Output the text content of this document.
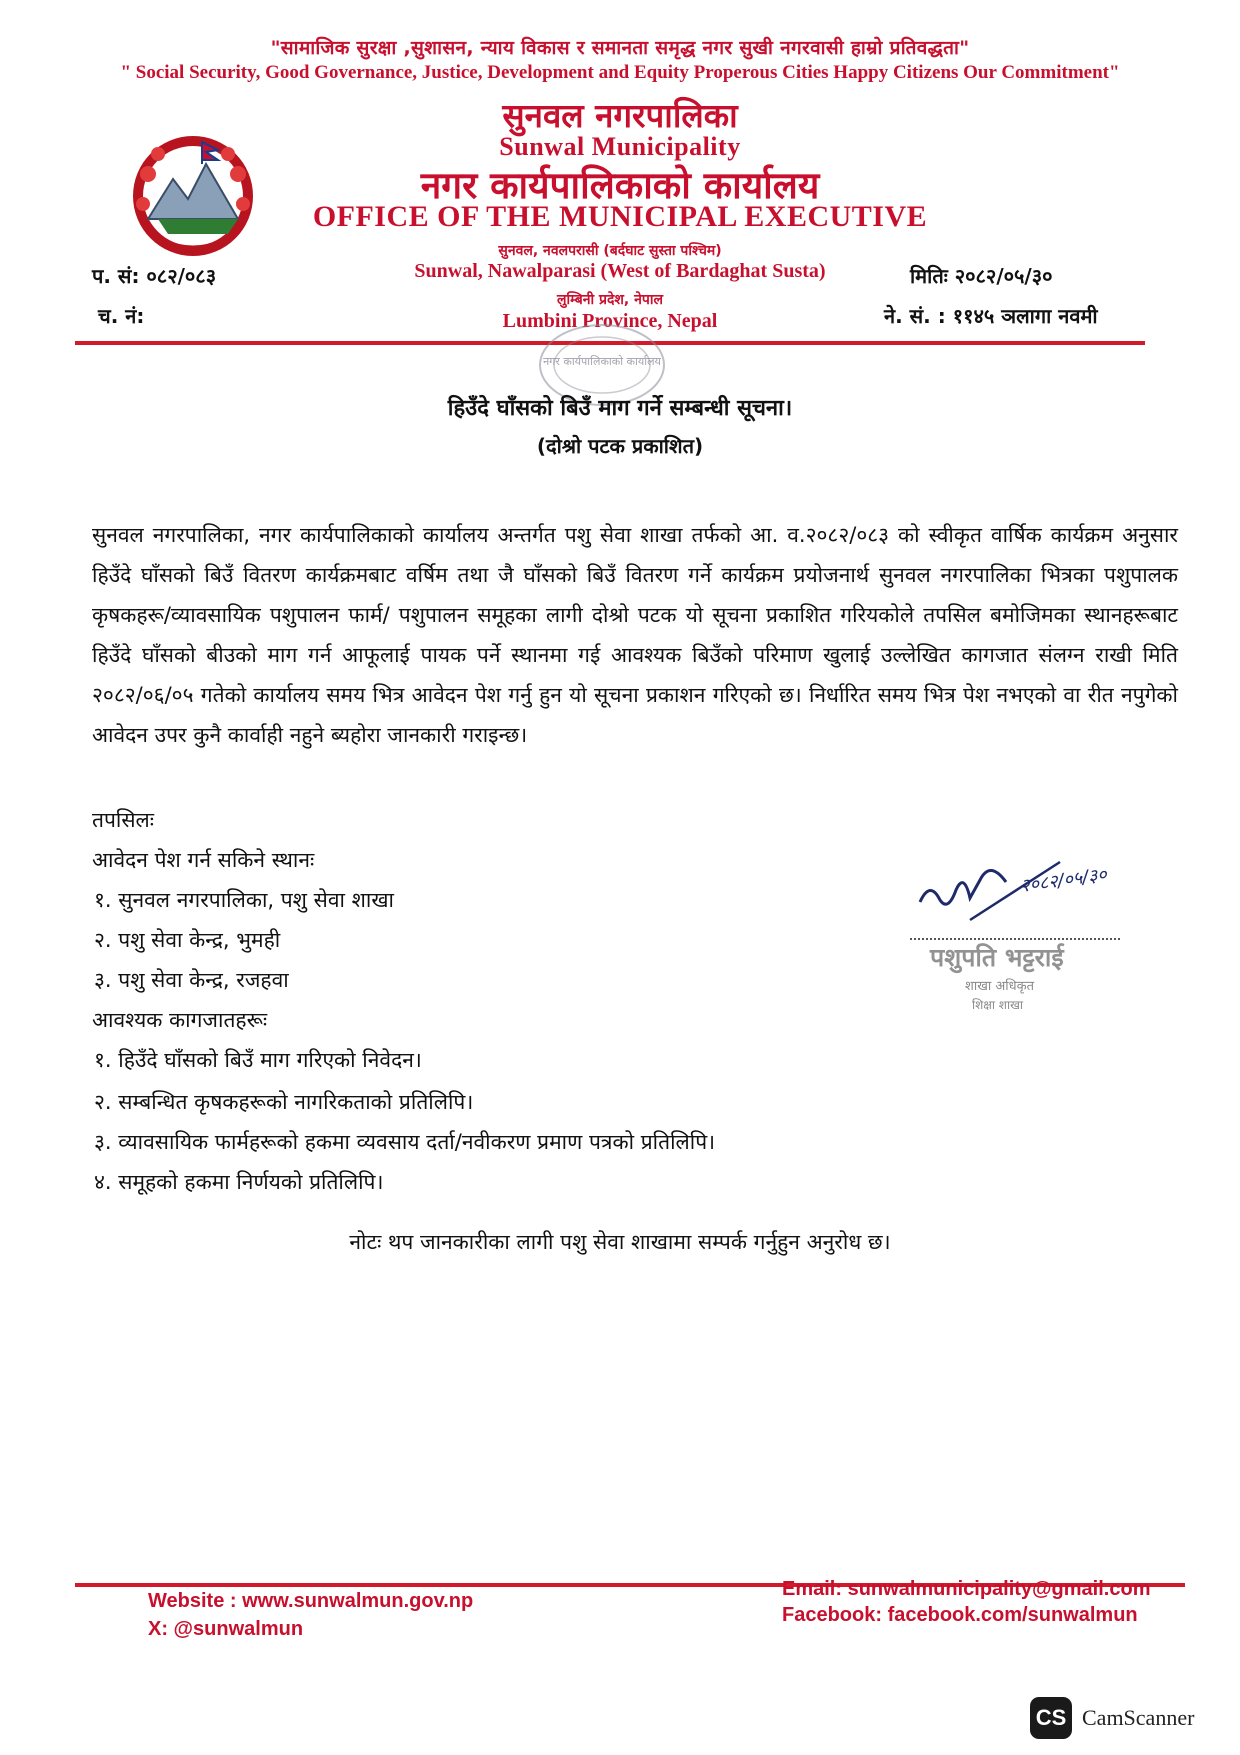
"सामाजिक सुरक्षा ,सुशासन, न्याय विकास र समानता समृद्ध नगर सुखी नगरवासी हाम्रो प्रतिवद्धता"
" Social Security, Good Governance, Justice, Development and Equity Properous Cities Happy Citizens Our Commitment"
सुनवल नगरपालिका
Sunwal Municipality
नगर कार्यपालिकाको कार्यालय
OFFICE OF THE MUNICIPAL EXECUTIVE
सुनवल, नवलपरासी (बर्दघाट सुस्ता पश्चिम)
Sunwal, Nawalparasi (West of Bardaghat Susta)
लुम्बिनी प्रदेश, नेपाल
Lumbini Province, Nepal
प. सं: ०८२/०८३
च. नं:
मितिः २०८२/०५/३०
ने. सं. : ११४५ ञलागा नवमी
नगर कार्यपालिकाको कार्यालय
हिउँदे घाँसको बिउँ माग गर्ने सम्बन्धी सूचना।
(दोश्रो पटक प्रकाशित)
सुनवल नगरपालिका, नगर कार्यपालिकाको कार्यालय अन्तर्गत पशु सेवा शाखा तर्फको आ. व.२०८२/०८३ को स्वीकृत वार्षिक कार्यक्रम अनुसार हिउँदे घाँसको बिउँ वितरण कार्यक्रमबाट वर्षिम तथा जै घाँसको बिउँ वितरण गर्ने कार्यक्रम प्रयोजनार्थ सुनवल नगरपालिका भित्रका पशुपालक कृषकहरू/व्यावसायिक पशुपालन फार्म/ पशुपालन समूहका लागी दोश्रो पटक यो सूचना प्रकाशित गरियकोले तपसिल बमोजिमका स्थानहरूबाट हिउँदे घाँसको बीउको माग गर्न आफूलाई पायक पर्ने स्थानमा गई आवश्यक बिउँको परिमाण खुलाई उल्लेखित कागजात संलग्न राखी मिति २०८२/०६/०५ गतेको कार्यालय समय भित्र आवेदन पेश गर्नु हुन यो सूचना प्रकाशन गरिएको छ। निर्धारित समय भित्र पेश नभएको वा रीत नपुगेको आवेदन उपर कुनै कार्वाही नहुने ब्यहोरा जानकारी गराइन्छ।
तपसिलः
आवेदन पेश गर्न सकिने स्थानः
१. सुनवल नगरपालिका, पशु सेवा शाखा
२. पशु सेवा केन्द्र, भुमही
३. पशु सेवा केन्द्र, रजहवा
आवश्यक कागजातहरूः
१. हिउँदे घाँसको बिउँ माग गरिएको निवेदन।
२. सम्बन्धित कृषकहरूको नागरिकताको प्रतिलिपि।
३. व्यावसायिक फार्महरूको हकमा व्यवसाय दर्ता/नवीकरण प्रमाण पत्रको प्रतिलिपि।
४. समूहको हकमा निर्णयको प्रतिलिपि।
२०८२/०५/३०
पशुपति भट्टराई
शाखा अधिकृत
शिक्षा शाखा
नोटः थप जानकारीका लागी पशु सेवा शाखामा सम्पर्क गर्नुहुन अनुरोध छ।
Website : www.sunwalmun.gov.np
X: @sunwalmun
Email: sunwalmunicipality@gmail.com
Facebook: facebook.com/sunwalmun
CS CamScanner
